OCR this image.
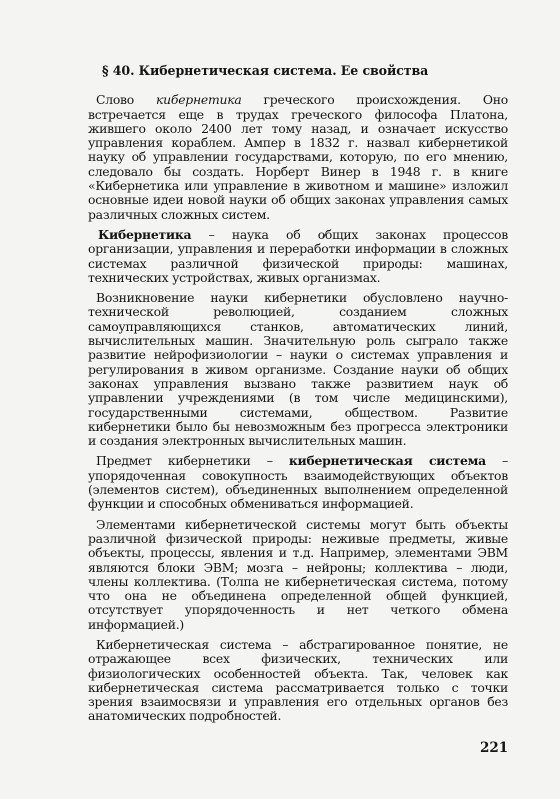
§ 40. Кибернетическая система. Ее свойства

Слово кибернетика греческого происхождения. Оно встречается еще в трудах греческого философа Платона, жившего около 2400 лет тому назад, и означает искусство управления кораблем. Ампер в 1832 г. назвал кибернетикой науку об управлении государствами, которую, по его мнению, следовало бы создать. Норберт Винер в 1948 г. в книге «Кибернетика или управление в животном и машине» изложил основные идеи новой науки об общих законах управления самых различных сложных систем.

Кибернетика – наука об общих законах процессов организации, управления и переработки информации в сложных системах различной физической природы: машинах, технических устройствах, живых организмах.

Возникновение науки кибернетики обусловлено научно-технической революцией, созданием сложных самоуправляющихся станков, автоматических линий, вычислительных машин. Значительную роль сыграло также развитие нейрофизиологии – науки о системах управления и регулирования в живом организме. Создание науки об общих законах управления вызвано также развитием наук об управлении учреждениями (в том числе медицинскими), государственными системами, обществом. Развитие кибернетики было бы невозможным без прогресса электроники и создания электронных вычислительных машин.

Предмет кибернетики – кибернетическая система – упорядоченная совокупность взаимодействующих объектов (элементов систем), объединенных выполнением определенной функции и способных обмениваться информацией.

Элементами кибернетической системы могут быть объекты различной физической природы: неживые предметы, живые объекты, процессы, явления и т.д. Например, элементами ЭВМ являются блоки ЭВМ; мозга – нейроны; коллектива – люди, члены коллектива. (Толпа не кибернетическая система, потому что она не объединена определенной общей функцией, отсутствует упорядоченность и нет четкого обмена информацией.)

Кибернетическая система – абстрагированное понятие, не отражающее всех физических, технических или физиологических особенностей объекта. Так, человек как кибернетическая система рассматривается только с точки зрения взаимосвязи и управления его отдельных органов без анатомических подробностей.

221
